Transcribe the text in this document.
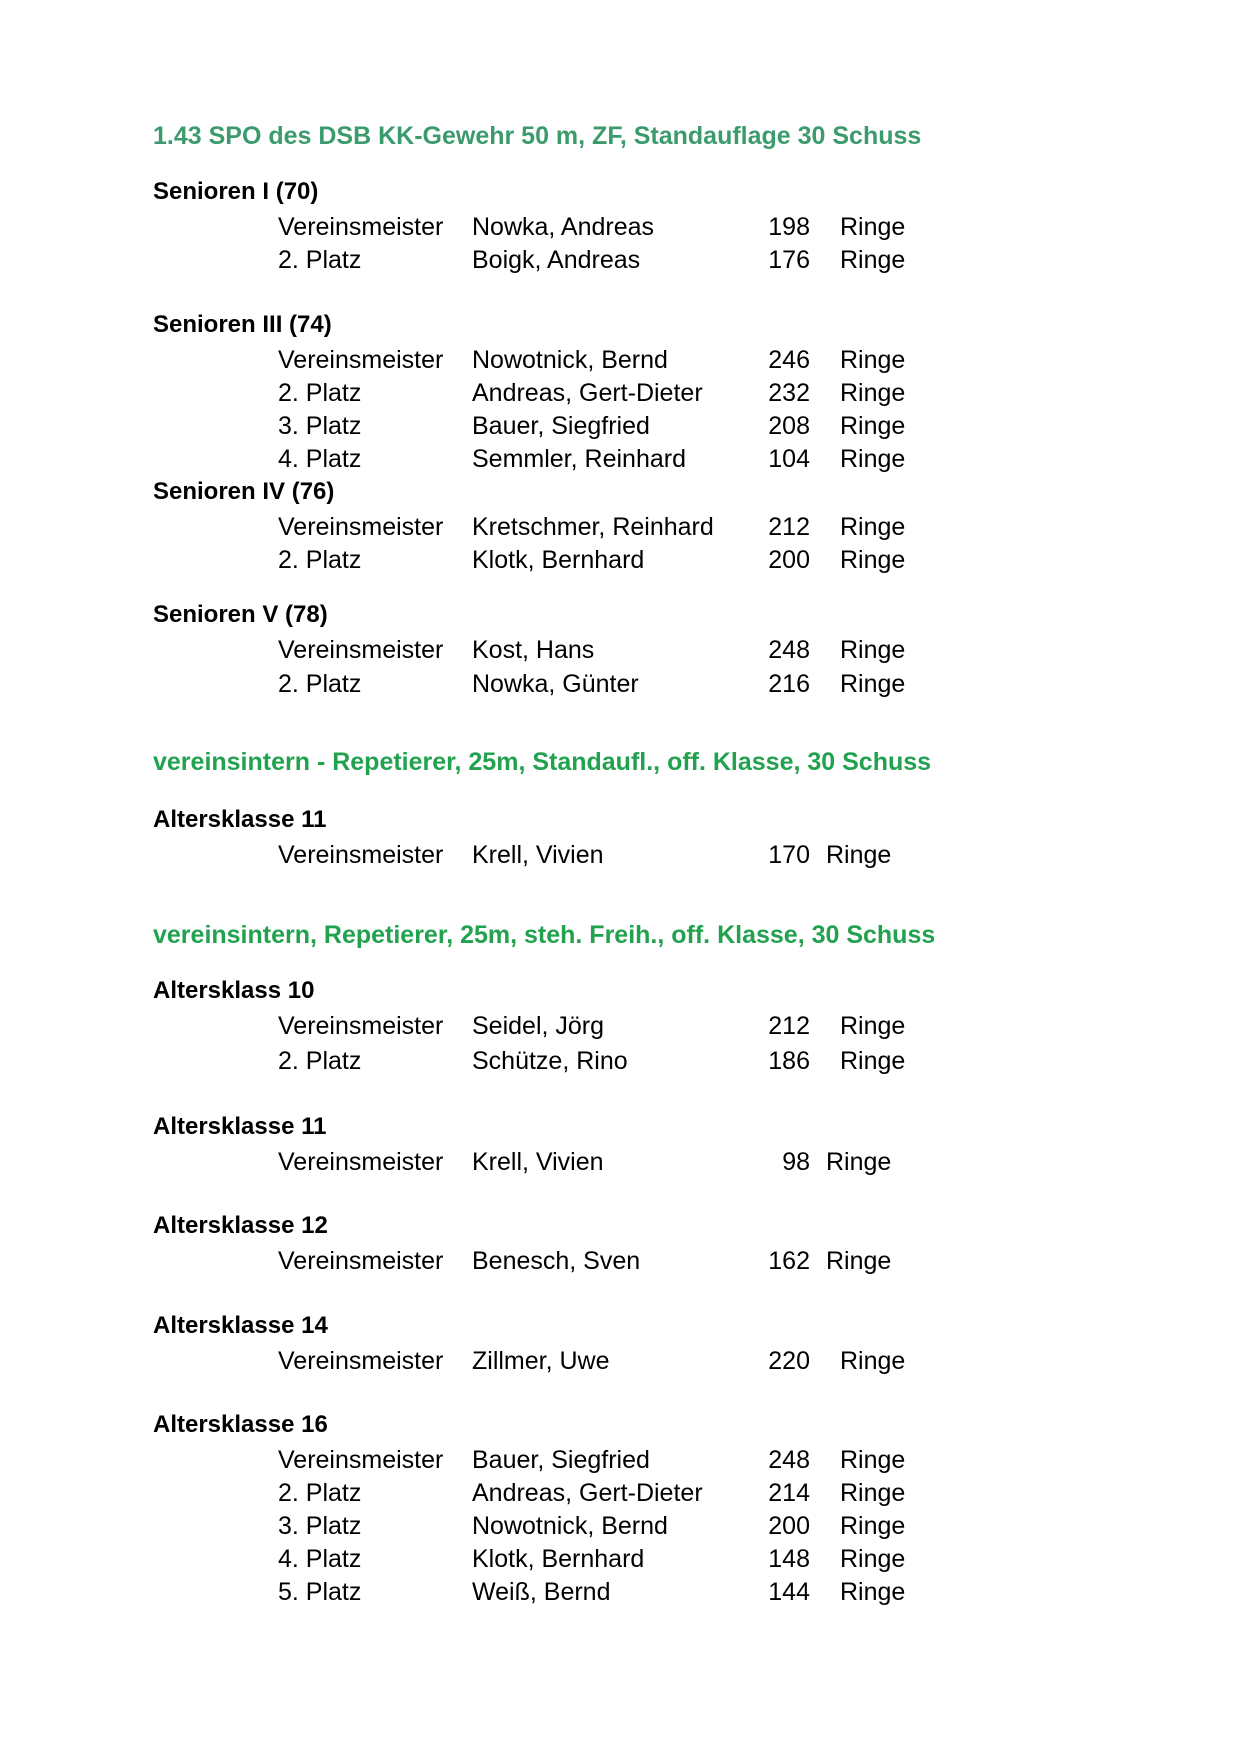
1.43 SPO des DSB KK-Gewehr 50 m, ZF, Standauflage 30 Schuss
Senioren I (70)
Vereinsmeister Nowka, Andreas	198 Ringe
2. Platz	Boigk, Andreas	176 Ringe
Senioren III (74)
Vereinsmeister Nowotnick, Bernd	246 Ringe
2. Platz	Andreas, Gert-Dieter	232 Ringe
3. Platz	Bauer, Siegfried	208 Ringe
4. Platz	Semmler, Reinhard	104 Ringe
Senioren IV (76)
Vereinsmeister Kretschmer, Reinhard	212 Ringe
2. Platz	Klotk, Bernhard	200 Ringe
Senioren V (78)
Vereinsmeister Kost, Hans	248 Ringe
2. Platz	Nowka, Günter	216 Ringe
vereinsintern - Repetierer, 25m, Standaufl., off. Klasse, 30 Schuss
Altersklasse 11
Vereinsmeister Krell, Vivien	170 Ringe
vereinsintern, Repetierer, 25m, steh. Freih., off. Klasse, 30 Schuss
Altersklass 10
Vereinsmeister Seidel, Jörg	212 Ringe
2. Platz	Schütze, Rino	186 Ringe
Altersklasse 11
Vereinsmeister Krell, Vivien	98 Ringe
Altersklasse 12
Vereinsmeister Benesch, Sven	162 Ringe
Altersklasse 14
Vereinsmeister Zillmer, Uwe	220 Ringe
Altersklasse 16
Vereinsmeister Bauer, Siegfried	248 Ringe
2. Platz	Andreas, Gert-Dieter	214 Ringe
3. Platz	Nowotnick, Bernd	200 Ringe
4. Platz	Klotk, Bernhard	148 Ringe
5. Platz	Weiß, Bernd	144 Ringe
